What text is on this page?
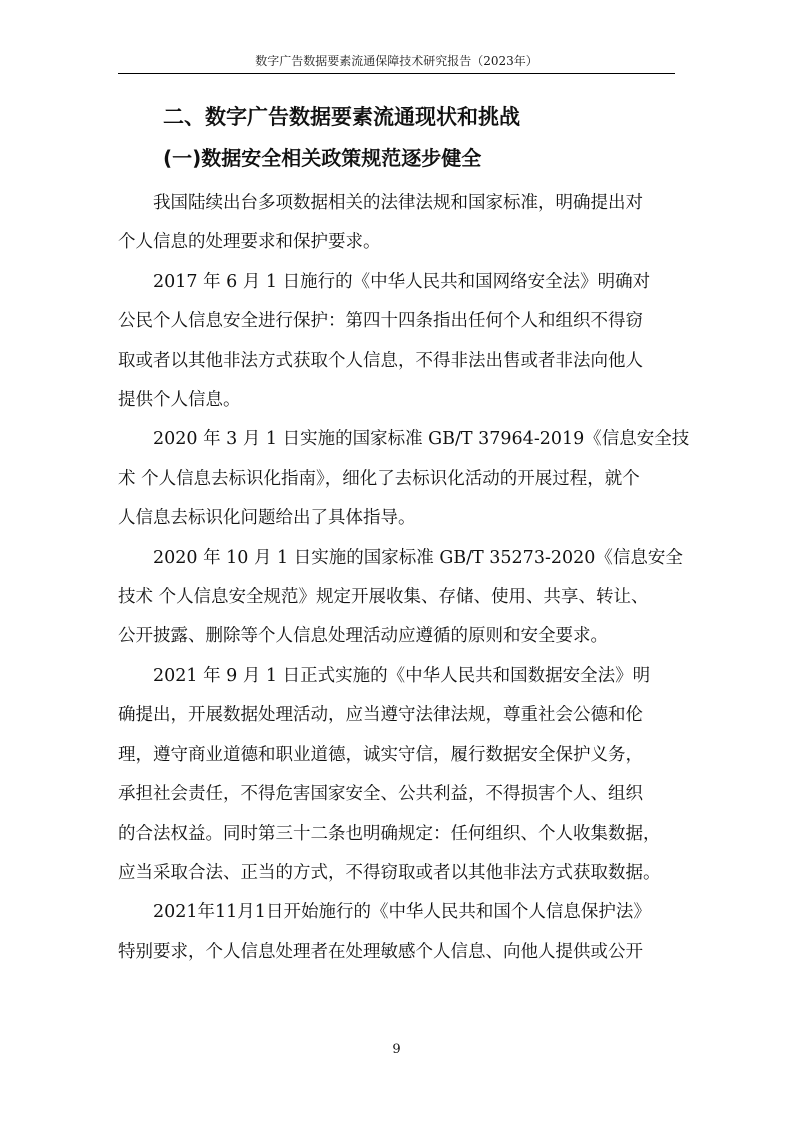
数字广告数据要素流通保障技术研究报告（2023年）
二、数字广告数据要素流通现状和挑战
(一)数据安全相关政策规范逐步健全

我国陆续出台多项数据相关的法律法规和国家标准，明确提出对
个人信息的处理要求和保护要求。

2017 年 6 月 1 日施行的《中华人民共和国网络安全法》明确对
公民个人信息安全进行保护：第四十四条指出任何个人和组织不得窃
取或者以其他非法方式获取个人信息，不得非法出售或者非法向他人
提供个人信息。

2020 年 3 月 1 日实施的国家标准 GB/T 37964-2019《信息安全技
术 个人信息去标识化指南》，细化了去标识化活动的开展过程，就个
人信息去标识化问题给出了具体指导。

2020 年 10 月 1 日实施的国家标准 GB/T 35273-2020《信息安全
技术 个人信息安全规范》规定开展收集、存储、使用、共享、转让、
公开披露、删除等个人信息处理活动应遵循的原则和安全要求。

2021 年 9 月 1 日正式实施的《中华人民共和国数据安全法》明
确提出，开展数据处理活动，应当遵守法律法规，尊重社会公德和伦
理，遵守商业道德和职业道德，诚实守信，履行数据安全保护义务，
承担社会责任，不得危害国家安全、公共利益，不得损害个人、组织
的合法权益。同时第三十二条也明确规定：任何组织、个人收集数据，
应当采取合法、正当的方式，不得窃取或者以其他非法方式获取数据。

2021年11月1日开始施行的《中华人民共和国个人信息保护法》
特别要求，个人信息处理者在处理敏感个人信息、向他人提供或公开

9
